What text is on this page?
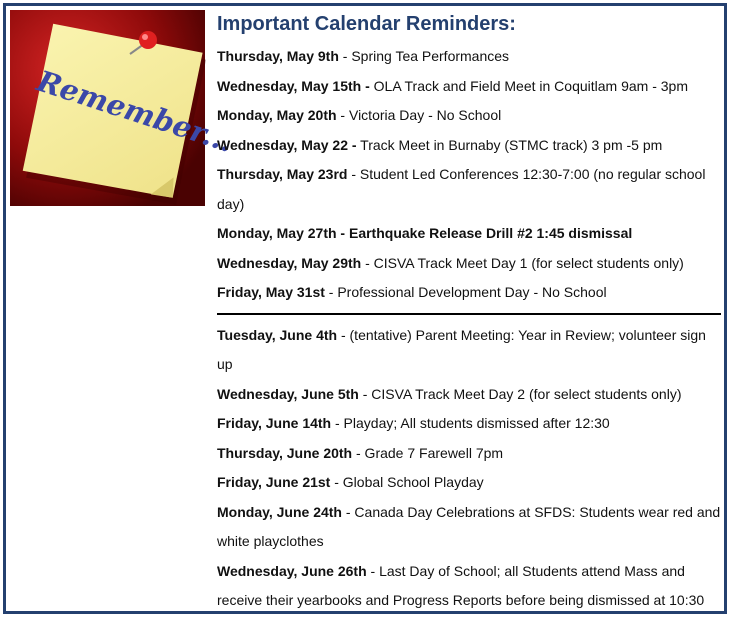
Remember...
Important Calendar Reminders:
Thursday, May 9th - Spring Tea Performances
Wednesday, May 15th - OLA Track and Field Meet in Coquitlam 9am - 3pm
Monday, May 20th - Victoria Day - No School
Wednesday, May 22 - Track Meet in Burnaby (STMC track) 3 pm -5 pm
Thursday, May 23rd - Student Led Conferences 12:30-7:00 (no regular school day)
Monday, May 27th - Earthquake Release Drill #2 1:45 dismissal
Wednesday, May 29th - CISVA Track Meet Day 1 (for select students only)
Friday, May 31st - Professional Development Day - No School
Tuesday, June 4th - (tentative) Parent Meeting: Year in Review; volunteer sign up
Wednesday, June 5th - CISVA Track Meet Day 2 (for select students only)
Friday, June 14th - Playday; All students dismissed after 12:30
Thursday, June 20th - Grade 7 Farewell 7pm
Friday, June 21st - Global School Playday
Monday, June 24th - Canada Day Celebrations at SFDS: Students wear red and white playclothes
Wednesday, June 26th - Last Day of School; all Students attend Mass and receive their yearbooks and Progress Reports before being dismissed at 10:30
